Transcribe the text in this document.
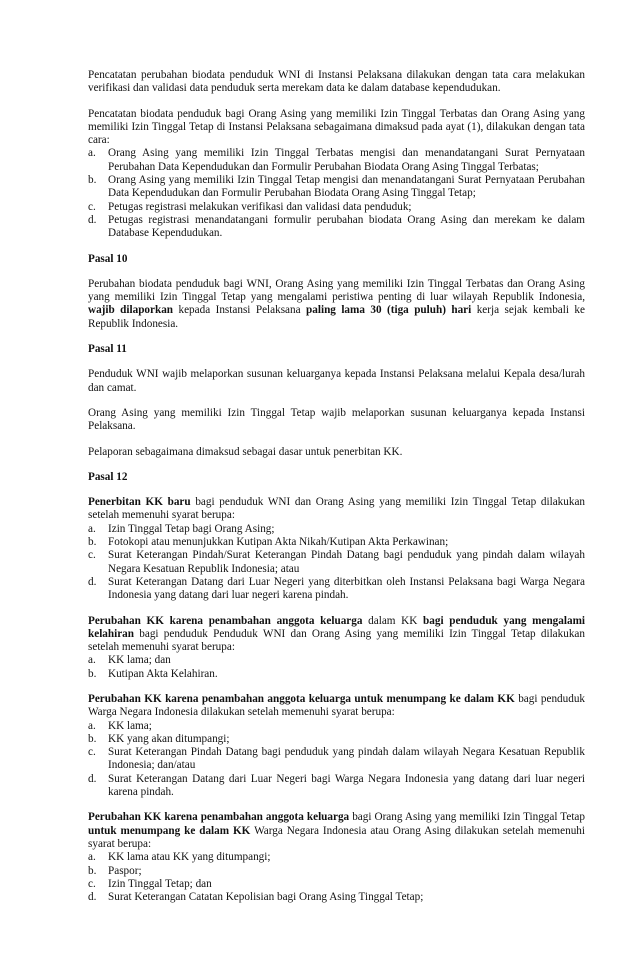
Pencatatan perubahan biodata penduduk WNI di Instansi Pelaksana dilakukan dengan tata cara melakukan verifikasi dan validasi data penduduk serta merekam data ke dalam database kependudukan.

Pencatatan biodata penduduk bagi Orang Asing yang memiliki Izin Tinggal Terbatas dan Orang Asing yang memiliki Izin Tinggal Tetap di Instansi Pelaksana sebagaimana dimaksud pada ayat (1), dilakukan dengan tata cara:

a. Orang Asing yang memiliki Izin Tinggal Terbatas mengisi dan menandatangani Surat Pernyataan Perubahan Data Kependudukan dan Formulir Perubahan Biodata Orang Asing Tinggal Terbatas;
b. Orang Asing yang memiliki Izin Tinggal Tetap mengisi dan menandatangani Surat Pernyataan Perubahan Data Kependudukan dan Formulir Perubahan Biodata Orang Asing Tinggal Tetap;
c. Petugas registrasi melakukan verifikasi dan validasi data penduduk;
d. Petugas registrasi menandatangani formulir perubahan biodata Orang Asing dan merekam ke dalam Database Kependudukan.

Pasal 10

Perubahan biodata penduduk bagi WNI, Orang Asing yang memiliki Izin Tinggal Terbatas dan Orang Asing yang memiliki Izin Tinggal Tetap yang mengalami peristiwa penting di luar wilayah Republik Indonesia, wajib dilaporkan kepada Instansi Pelaksana paling lama 30 (tiga puluh) hari kerja sejak kembali ke Republik Indonesia.

Pasal 11

Penduduk WNI wajib melaporkan susunan keluarganya kepada Instansi Pelaksana melalui Kepala desa/lurah dan camat.

Orang Asing yang memiliki Izin Tinggal Tetap wajib melaporkan susunan keluarganya kepada Instansi Pelaksana.

Pelaporan sebagaimana dimaksud sebagai dasar untuk penerbitan KK.

Pasal 12

Penerbitan KK baru bagi penduduk WNI dan Orang Asing yang memiliki Izin Tinggal Tetap dilakukan setelah memenuhi syarat berupa:

a. Izin Tinggal Tetap bagi Orang Asing;
b. Fotokopi atau menunjukkan Kutipan Akta Nikah/Kutipan Akta Perkawinan;
c. Surat Keterangan Pindah/Surat Keterangan Pindah Datang bagi penduduk yang pindah dalam wilayah Negara Kesatuan Republik Indonesia; atau
d. Surat Keterangan Datang dari Luar Negeri yang diterbitkan oleh Instansi Pelaksana bagi Warga Negara Indonesia yang datang dari luar negeri karena pindah.

Perubahan KK karena penambahan anggota keluarga dalam KK bagi penduduk yang mengalami kelahiran bagi penduduk Penduduk WNI dan Orang Asing yang memiliki Izin Tinggal Tetap dilakukan setelah memenuhi syarat berupa:

a. KK lama; dan
b. Kutipan Akta Kelahiran.

Perubahan KK karena penambahan anggota keluarga untuk menumpang ke dalam KK bagi penduduk Warga Negara Indonesia dilakukan setelah memenuhi syarat berupa:

a. KK lama;
b. KK yang akan ditumpangi;
c. Surat Keterangan Pindah Datang bagi penduduk yang pindah dalam wilayah Negara Kesatuan Republik Indonesia; dan/atau
d. Surat Keterangan Datang dari Luar Negeri bagi Warga Negara Indonesia yang datang dari luar negeri karena pindah.

Perubahan KK karena penambahan anggota keluarga bagi Orang Asing yang memiliki Izin Tinggal Tetap untuk menumpang ke dalam KK Warga Negara Indonesia atau Orang Asing dilakukan setelah memenuhi syarat berupa:

a. KK lama atau KK yang ditumpangi;
b. Paspor;
c. Izin Tinggal Tetap; dan
d. Surat Keterangan Catatan Kepolisian bagi Orang Asing Tinggal Tetap;
